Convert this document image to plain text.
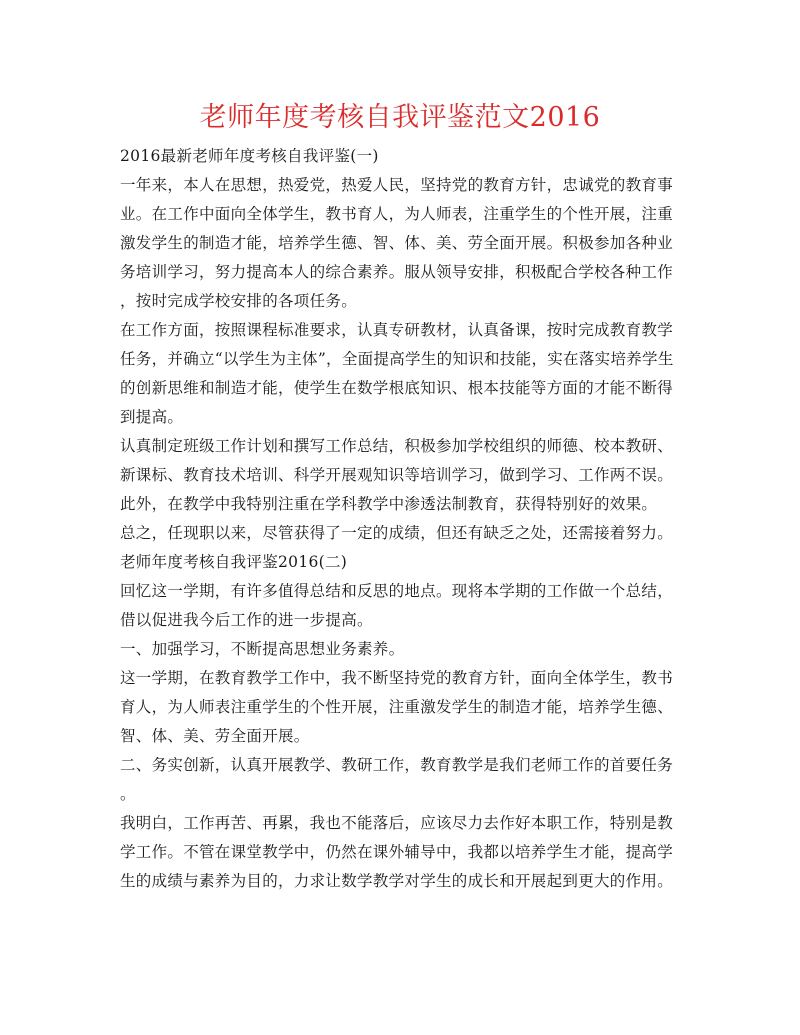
老师年度考核自我评鉴范文2016
2016最新老师年度考核自我评鉴(一)
一年来，本人在思想，热爱党，热爱人民，坚持党的教育方针，忠诚党的教育事
业。在工作中面向全体学生，教书育人，为人师表，注重学生的个性开展，注重
激发学生的制造才能，培养学生德、智、体、美、劳全面开展。积极参加各种业
务培训学习，努力提高本人的综合素养。服从领导安排，积极配合学校各种工作
，按时完成学校安排的各项任务。
在工作方面，按照课程标准要求，认真专研教材，认真备课，按时完成教育教学
任务，并确立“以学生为主体”，全面提高学生的知识和技能，实在落实培养学生
的创新思维和制造才能，使学生在数学根底知识、根本技能等方面的才能不断得
到提高。
认真制定班级工作计划和撰写工作总结，积极参加学校组织的师德、校本教研、
新课标、教育技术培训、科学开展观知识等培训学习，做到学习、工作两不误。
此外，在教学中我特别注重在学科教学中渗透法制教育，获得特别好的效果。
总之，任现职以来，尽管获得了一定的成绩，但还有缺乏之处，还需接着努力。
老师年度考核自我评鉴2016(二)
回忆这一学期，有许多值得总结和反思的地点。现将本学期的工作做一个总结，
借以促进我今后工作的进一步提高。
一、加强学习，不断提高思想业务素养。
这一学期，在教育教学工作中，我不断坚持党的教育方针，面向全体学生，教书
育人，为人师表注重学生的个性开展，注重激发学生的制造才能，培养学生德、
智、体、美、劳全面开展。
二、务实创新，认真开展教学、教研工作，教育教学是我们老师工作的首要任务
。
我明白，工作再苦、再累，我也不能落后，应该尽力去作好本职工作，特别是教
学工作。不管在课堂教学中，仍然在课外辅导中，我都以培养学生才能，提高学
生的成绩与素养为目的，力求让数学教学对学生的成长和开展起到更大的作用。
